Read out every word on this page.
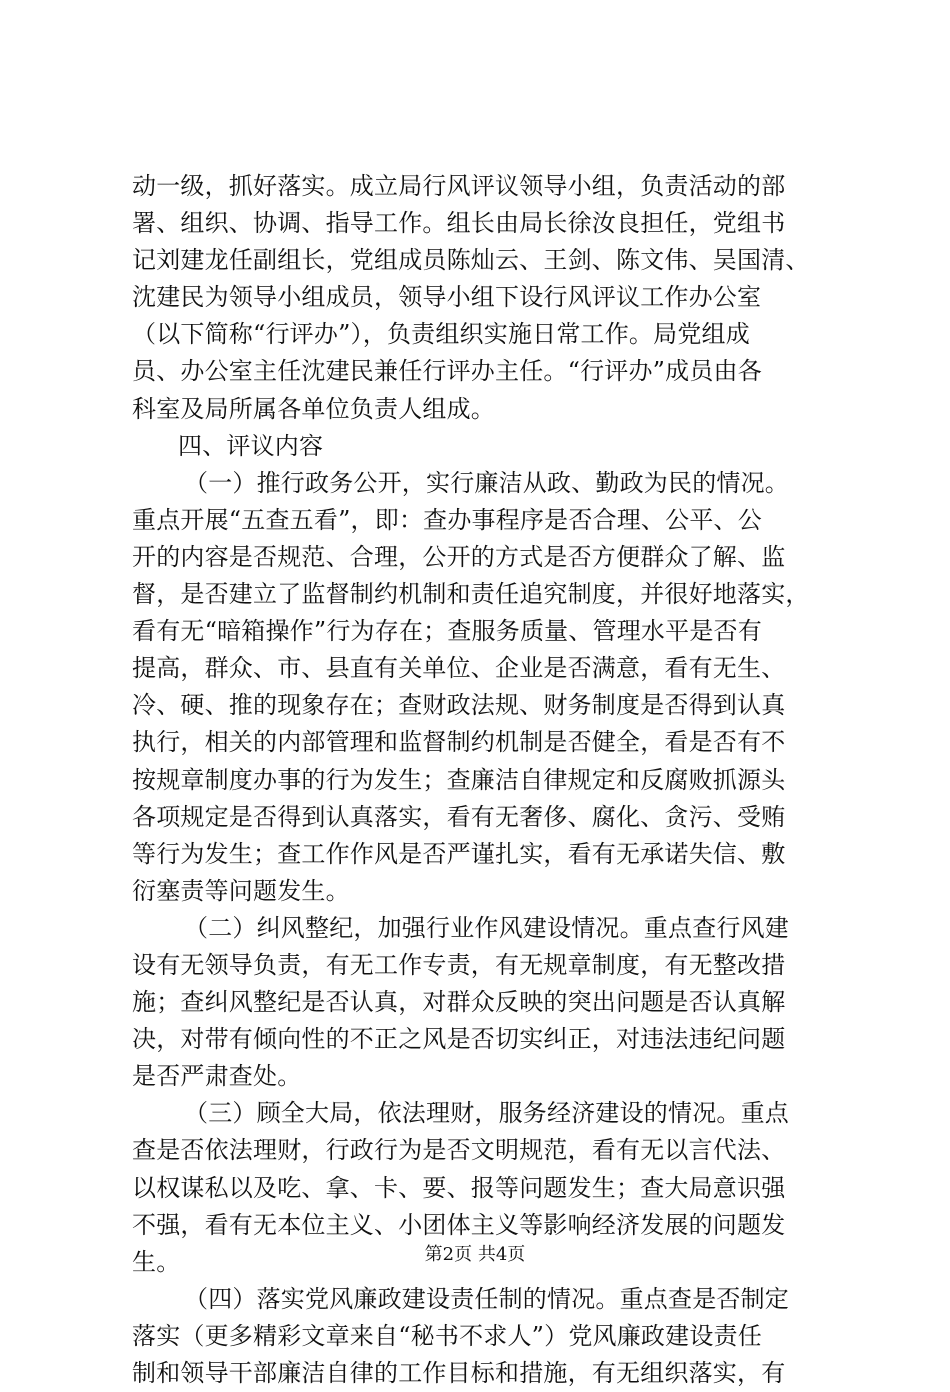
动一级，抓好落实。成立局行风评议领导小组，负责活动的部
署、组织、协调、指导工作。组长由局长徐汝良担任，党组书
记刘建龙任副组长，党组成员陈灿云、王剑、陈文伟、吴国清、
沈建民为领导小组成员，领导小组下设行风评议工作办公室
（以下简称“行评办”），负责组织实施日常工作。局党组成
员、办公室主任沈建民兼任行评办主任。“行评办”成员由各
科室及局所属各单位负责人组成。
四、评议内容
（一）推行政务公开，实行廉洁从政、勤政为民的情况。
重点开展“五查五看”，即：查办事程序是否合理、公平、公
开的内容是否规范、合理，公开的方式是否方便群众了解、监
督，是否建立了监督制约机制和责任追究制度，并很好地落实，
看有无“暗箱操作”行为存在；查服务质量、管理水平是否有
提高，群众、市、县直有关单位、企业是否满意，看有无生、
冷、硬、推的现象存在；查财政法规、财务制度是否得到认真
执行，相关的内部管理和监督制约机制是否健全，看是否有不
按规章制度办事的行为发生；查廉洁自律规定和反腐败抓源头
各项规定是否得到认真落实，看有无奢侈、腐化、贪污、受贿
等行为发生；查工作作风是否严谨扎实，看有无承诺失信、敷
衍塞责等问题发生。
（二）纠风整纪，加强行业作风建设情况。重点查行风建
设有无领导负责，有无工作专责，有无规章制度，有无整改措
施；查纠风整纪是否认真，对群众反映的突出问题是否认真解
决，对带有倾向性的不正之风是否切实纠正，对违法违纪问题
是否严肃查处。
（三）顾全大局，依法理财，服务经济建设的情况。重点
查是否依法理财，行政行为是否文明规范，看有无以言代法、
以权谋私以及吃、拿、卡、要、报等问题发生；查大局意识强
不强，看有无本位主义、小团体主义等影响经济发展的问题发
生。
（四）落实党风廉政建设责任制的情况。重点查是否制定
落实（更多精彩文章来自“秘书不求人”）党风廉政建设责任
制和领导干部廉洁自律的工作目标和措施，有无组织落实，有
第2页 共4页
